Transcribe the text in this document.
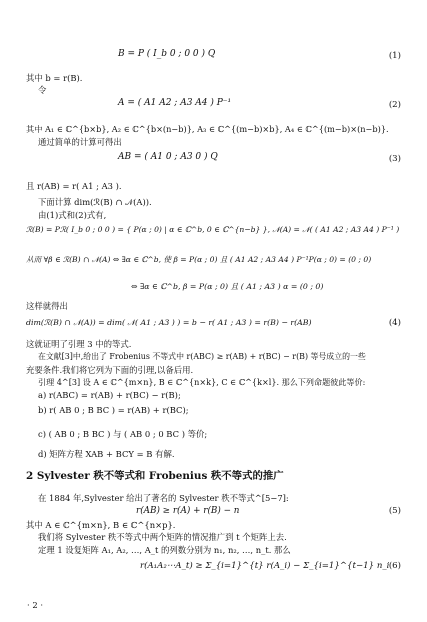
B = P ( I_b 0 ; 0 0 ) Q
其中 b = r(B).
令
A = ( A1 A2 ; A3 A4 ) P⁻¹
其中 A₁ ∈ ℂ^{b×b}, A₂ ∈ ℂ^{b×(n−b)}, A₃ ∈ ℂ^{(m−b)×b}, A₄ ∈ ℂ^{(m−b)×(n−b)}.
通过简单的计算可得出
AB = ( A1 0 ; A3 0 ) Q
且 r(AB) = r( A1 ; A3 ).
下面计算 dim(ℛ(B) ∩ 𝒩(A)).
由(1)式和(2)式有,
ℛ(B) = Pℛ( I_b 0 ; 0 0 ) = { P(α ; 0) | α ∈ ℂ^b, 0 ∈ ℂ^{n−b} }, 𝒩(A) = 𝒩( ( A1 A2 ; A3 A4 ) P⁻¹ )
从而 ∀β ∈ ℛ(B) ∩ 𝒩(A) ⇔ ∃α ∈ ℂ^b, 使 β = P(α ; 0) 且 ( A1 A2 ; A3 A4 ) P⁻¹P(α ; 0) = (0 ; 0)
⇔ ∃α ∈ ℂ^b, β = P(α ; 0) 且 ( A1 ; A3 ) α = (0 ; 0)
这样就得出
dim(ℛ(B) ∩ 𝒩(A)) = dim( 𝒩( A1 ; A3 ) ) = b − r( A1 ; A3 ) = r(B) − r(AB)
这就证明了引理 3 中的等式.
在文献[3]中,给出了 Frobenius 不等式中 r(ABC) ≥ r(AB) + r(BC) − r(B) 等号成立的一些
充要条件.我们将它列为下面的引理,以备后用.
引理 4^[3] 设 A ∈ ℂ^{m×n}, B ∈ ℂ^{n×k}, C ∈ ℂ^{k×l}. 那么下列命题彼此等价:
a) r(ABC) = r(AB) + r(BC) − r(B);
b) r( AB 0 ; B BC ) = r(AB) + r(BC);
c) ( AB 0 ; B BC ) 与 ( AB 0 ; 0 BC ) 等价;
d) 矩阵方程 XAB + BCY = B 有解.
2 Sylvester 秩不等式和 Frobenius 秩不等式的推广
在 1884 年,Sylvester 给出了著名的 Sylvester 秩不等式^[5−7]:
r(AB) ≥ r(A) + r(B) − n
其中 A ∈ ℂ^{m×n}, B ∈ ℂ^{n×p}.
我们将 Sylvester 秩不等式中两个矩阵的情况推广到 t 个矩阵上去.
定理 1 设复矩阵 A₁, A₂, …, A_t 的列数分别为 n₁, n₂, …, n_t. 那么
r(A₁A₂⋯A_t) ≥ Σ_{i=1}^{t} r(A_i) − Σ_{i=1}^{t−1} n_i
(1)
(2)
(3)
(4)
(5)
(6)
· 2 ·
